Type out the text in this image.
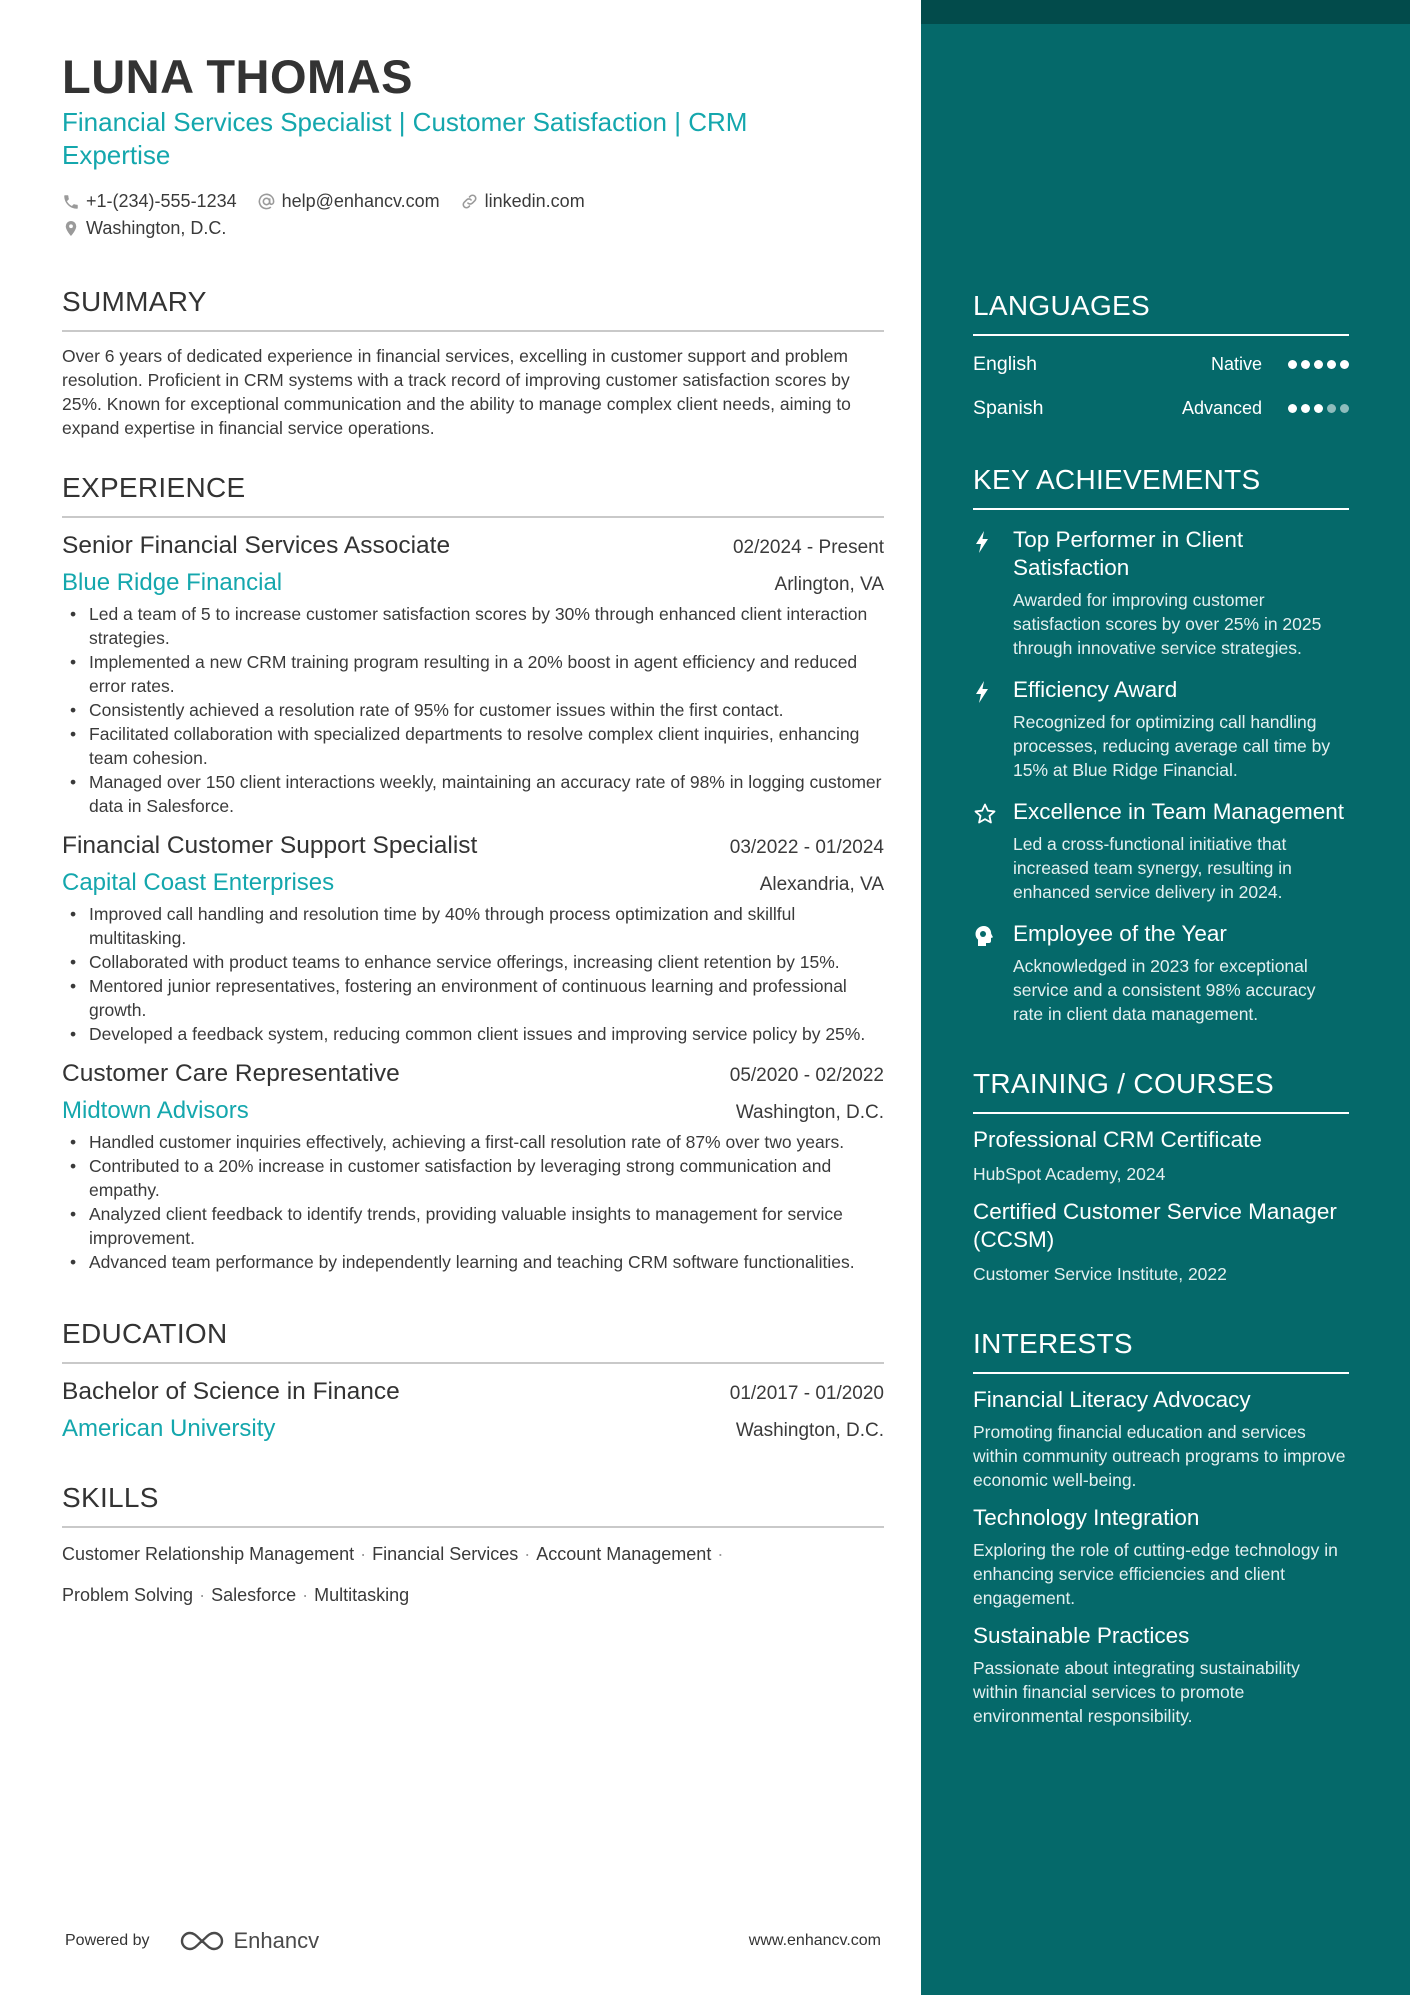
LUNA THOMAS
Financial Services Specialist | Customer Satisfaction | CRM Expertise
+1-(234)-555-1234	help@enhancv.com	linkedin.com
Washington, D.C.
SUMMARY
Over 6 years of dedicated experience in financial services, excelling in customer support and problem resolution. Proficient in CRM systems with a track record of improving customer satisfaction scores by 25%. Known for exceptional communication and the ability to manage complex client needs, aiming to expand expertise in financial service operations.
EXPERIENCE
Senior Financial Services Associate	02/2024 - Present
Blue Ridge Financial	Arlington, VA
• Led a team of 5 to increase customer satisfaction scores by 30% through enhanced client interaction strategies.
• Implemented a new CRM training program resulting in a 20% boost in agent efficiency and reduced error rates.
• Consistently achieved a resolution rate of 95% for customer issues within the first contact.
• Facilitated collaboration with specialized departments to resolve complex client inquiries, enhancing team cohesion.
• Managed over 150 client interactions weekly, maintaining an accuracy rate of 98% in logging customer data in Salesforce.
Financial Customer Support Specialist	03/2022 - 01/2024
Capital Coast Enterprises	Alexandria, VA
• Improved call handling and resolution time by 40% through process optimization and skillful multitasking.
• Collaborated with product teams to enhance service offerings, increasing client retention by 15%.
• Mentored junior representatives, fostering an environment of continuous learning and professional growth.
• Developed a feedback system, reducing common client issues and improving service policy by 25%.
Customer Care Representative	05/2020 - 02/2022
Midtown Advisors	Washington, D.C.
• Handled customer inquiries effectively, achieving a first-call resolution rate of 87% over two years.
• Contributed to a 20% increase in customer satisfaction by leveraging strong communication and empathy.
• Analyzed client feedback to identify trends, providing valuable insights to management for service improvement.
• Advanced team performance by independently learning and teaching CRM software functionalities.
EDUCATION
Bachelor of Science in Finance	01/2017 - 01/2020
American University	Washington, D.C.
SKILLS
Customer Relationship Management · Financial Services · Account Management ·
Problem Solving · Salesforce · Multitasking
Powered by	Enhancv	www.enhancv.com
LANGUAGES
English	Native
Spanish	Advanced
KEY ACHIEVEMENTS
Top Performer in Client Satisfaction
Awarded for improving customer satisfaction scores by over 25% in 2025 through innovative service strategies.
Efficiency Award
Recognized for optimizing call handling processes, reducing average call time by 15% at Blue Ridge Financial.
Excellence in Team Management
Led a cross-functional initiative that increased team synergy, resulting in enhanced service delivery in 2024.
Employee of the Year
Acknowledged in 2023 for exceptional service and a consistent 98% accuracy rate in client data management.
TRAINING / COURSES
Professional CRM Certificate
HubSpot Academy, 2024
Certified Customer Service Manager (CCSM)
Customer Service Institute, 2022
INTERESTS
Financial Literacy Advocacy
Promoting financial education and services within community outreach programs to improve economic well-being.
Technology Integration
Exploring the role of cutting-edge technology in enhancing service efficiencies and client engagement.
Sustainable Practices
Passionate about integrating sustainability within financial services to promote environmental responsibility.
